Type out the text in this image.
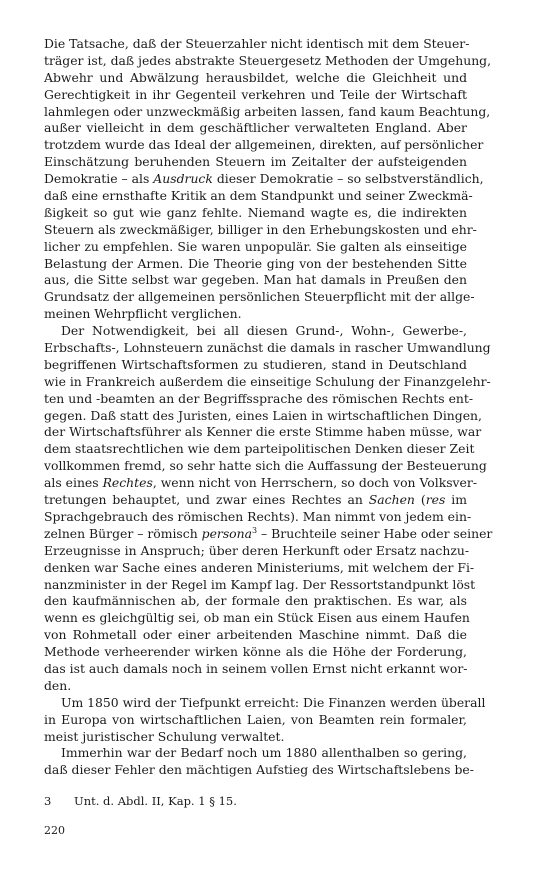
Die Tatsache, daß der Steuerzahler nicht identisch mit dem Steuer-
träger ist, daß jedes abstrakte Steuergesetz Methoden der Umgehung,
Abwehr und Abwälzung herausbildet, welche die Gleichheit und
Gerechtigkeit in ihr Gegenteil verkehren und Teile der Wirtschaft
lahmlegen oder unzweckmäßig arbeiten lassen, fand kaum Beachtung,
außer vielleicht in dem geschäftlicher verwalteten England. Aber
trotzdem wurde das Ideal der allgemeinen, direkten, auf persönlicher
Einschätzung beruhenden Steuern im Zeitalter der aufsteigenden
Demokratie – als Ausdruck dieser Demokratie – so selbstverständlich,
daß eine ernsthafte Kritik an dem Standpunkt und seiner Zweckmä-
ßigkeit so gut wie ganz fehlte. Niemand wagte es, die indirekten
Steuern als zweckmäßiger, billiger in den Erhebungskosten und ehr-
licher zu empfehlen. Sie waren unpopulär. Sie galten als einseitige
Belastung der Armen. Die Theorie ging von der bestehenden Sitte
aus, die Sitte selbst war gegeben. Man hat damals in Preußen den
Grundsatz der allgemeinen persönlichen Steuerpflicht mit der allge-
meinen Wehrpflicht verglichen.
Der Notwendigkeit, bei all diesen Grund-, Wohn-, Gewerbe-,
Erbschafts-, Lohnsteuern zunächst die damals in rascher Umwandlung
begriffenen Wirtschaftsformen zu studieren, stand in Deutschland
wie in Frankreich außerdem die einseitige Schulung der Finanzgelehr-
ten und -beamten an der Begriffssprache des römischen Rechts ent-
gegen. Daß statt des Juristen, eines Laien in wirtschaftlichen Dingen,
der Wirtschaftsführer als Kenner die erste Stimme haben müsse, war
dem staatsrechtlichen wie dem parteipolitischen Denken dieser Zeit
vollkommen fremd, so sehr hatte sich die Auffassung der Besteuerung
als eines Rechtes, wenn nicht von Herrschern, so doch von Volksver-
tretungen behauptet, und zwar eines Rechtes an Sachen (res im
Sprachgebrauch des römischen Rechts). Man nimmt von jedem ein-
zelnen Bürger – römisch persona$^3$ – Bruchteile seiner Habe oder seiner
Erzeugnisse in Anspruch; über deren Herkunft oder Ersatz nachzu-
denken war Sache eines anderen Ministeriums, mit welchem der Fi-
nanzminister in der Regel im Kampf lag. Der Ressortstandpunkt löst
den kaufmännischen ab, der formale den praktischen. Es war, als
wenn es gleichgültig sei, ob man ein Stück Eisen aus einem Haufen
von Rohmetall oder einer arbeitenden Maschine nimmt. Daß die
Methode verheerender wirken könne als die Höhe der Forderung,
das ist auch damals noch in seinem vollen Ernst nicht erkannt wor-
den.
Um 1850 wird der Tiefpunkt erreicht: Die Finanzen werden überall
in Europa von wirtschaftlichen Laien, von Beamten rein formaler,
meist juristischer Schulung verwaltet.
Immerhin war der Bedarf noch um 1880 allenthalben so gering,
daß dieser Fehler den mächtigen Aufstieg des Wirtschaftslebens be-
3 Unt. d. Abdl. II, Kap. 1 § 15.
220
